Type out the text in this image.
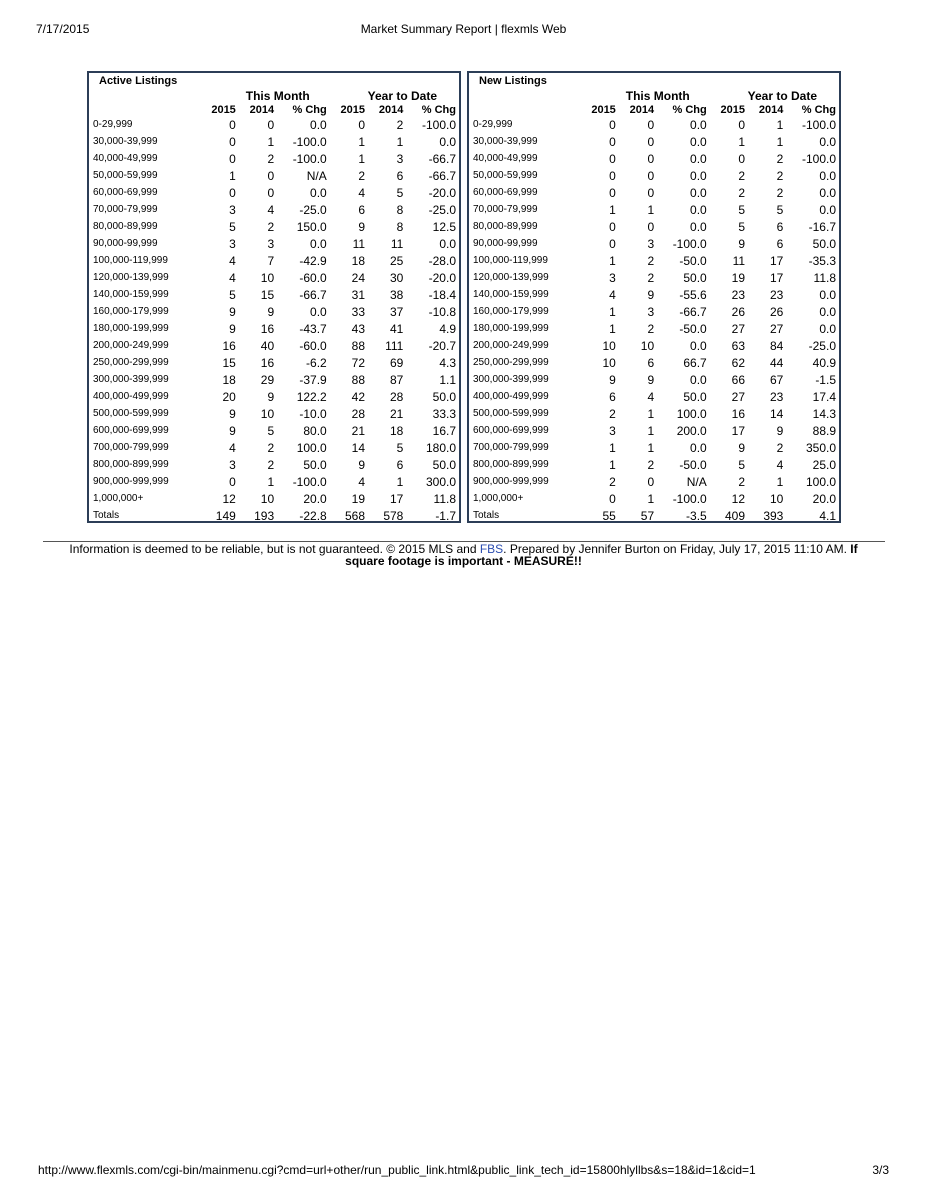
7/17/2015	Market Summary Report | flexmls Web
Active Listings
	This Month			Year to Date		
	2015	2014	% Chg	2015	2014	% Chg
0-29,999	0	0	0.0	0	2	-100.0
30,000-39,999	0	1	-100.0	1	1	0.0
40,000-49,999	0	2	-100.0	1	3	-66.7
50,000-59,999	1	0	N/A	2	6	-66.7
60,000-69,999	0	0	0.0	4	5	-20.0
70,000-79,999	3	4	-25.0	6	8	-25.0
80,000-89,999	5	2	150.0	9	8	12.5
90,000-99,999	3	3	0.0	11	11	0.0
100,000-119,999	4	7	-42.9	18	25	-28.0
120,000-139,999	4	10	-60.0	24	30	-20.0
140,000-159,999	5	15	-66.7	31	38	-18.4
160,000-179,999	9	9	0.0	33	37	-10.8
180,000-199,999	9	16	-43.7	43	41	4.9
200,000-249,999	16	40	-60.0	88	111	-20.7
250,000-299,999	15	16	-6.2	72	69	4.3
300,000-399,999	18	29	-37.9	88	87	1.1
400,000-499,999	20	9	122.2	42	28	50.0
500,000-599,999	9	10	-10.0	28	21	33.3
600,000-699,999	9	5	80.0	21	18	16.7
700,000-799,999	4	2	100.0	14	5	180.0
800,000-899,999	3	2	50.0	9	6	50.0
900,000-999,999	0	1	-100.0	4	1	300.0
1,000,000+	12	10	20.0	19	17	11.8
Totals	149	193	-22.8	568	578	-1.7
New Listings
	This Month			Year to Date		
	2015	2014	% Chg	2015	2014	% Chg
0-29,999	0	0	0.0	0	1	-100.0
30,000-39,999	0	0	0.0	1	1	0.0
40,000-49,999	0	0	0.0	0	2	-100.0
50,000-59,999	0	0	0.0	2	2	0.0
60,000-69,999	0	0	0.0	2	2	0.0
70,000-79,999	1	1	0.0	5	5	0.0
80,000-89,999	0	0	0.0	5	6	-16.7
90,000-99,999	0	3	-100.0	9	6	50.0
100,000-119,999	1	2	-50.0	11	17	-35.3
120,000-139,999	3	2	50.0	19	17	11.8
140,000-159,999	4	9	-55.6	23	23	0.0
160,000-179,999	1	3	-66.7	26	26	0.0
180,000-199,999	1	2	-50.0	27	27	0.0
200,000-249,999	10	10	0.0	63	84	-25.0
250,000-299,999	10	6	66.7	62	44	40.9
300,000-399,999	9	9	0.0	66	67	-1.5
400,000-499,999	6	4	50.0	27	23	17.4
500,000-599,999	2	1	100.0	16	14	14.3
600,000-699,999	3	1	200.0	17	9	88.9
700,000-799,999	1	1	0.0	9	2	350.0
800,000-899,999	1	2	-50.0	5	4	25.0
900,000-999,999	2	0	N/A	2	1	100.0
1,000,000+	0	1	-100.0	12	10	20.0
Totals	55	57	-3.5	409	393	4.1
Information is deemed to be reliable, but is not guaranteed. © 2015 MLS and FBS. Prepared by Jennifer Burton on Friday, July 17, 2015 11:10 AM. If square footage is important - MEASURE!!
http://www.flexmls.com/cgi-bin/mainmenu.cgi?cmd=url+other/run_public_link.html&public_link_tech_id=15800hlyllbs&s=18&id=1&cid=1	3/3
